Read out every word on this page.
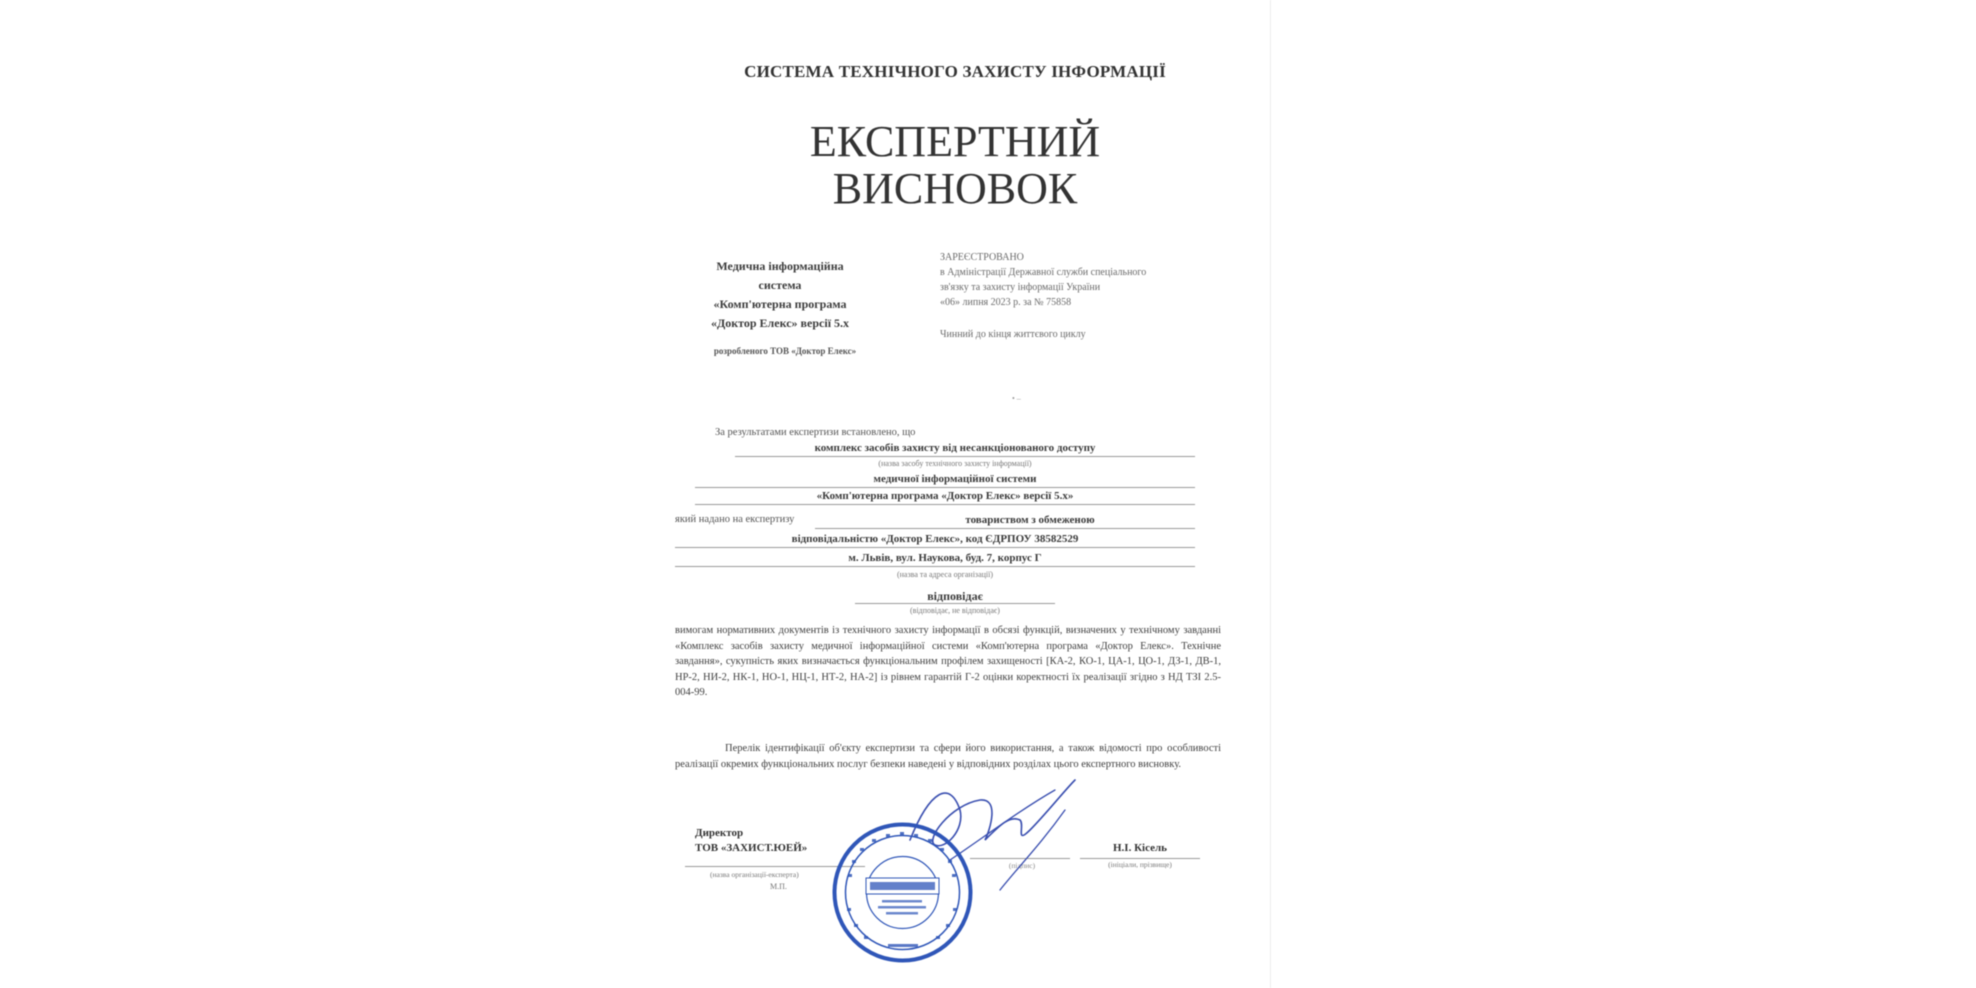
СИСТЕМА ТЕХНІЧНОГО ЗАХИСТУ ІНФОРМАЦІЇ

ЕКСПЕРТНИЙ
ВИСНОВОК
Медична інформаційна
система
«Комп'ютерна програма
«Доктор Елекс» версії 5.х

розробленого ТОВ «Доктор Елекс»

ЗАРЕЄСТРОВАНО
в Адміністрації Державної служби спеціального
зв'язку та захисту інформації України
«06» липня 2023 р. за № 75858

Чинний до кінця життєвого циклу

• –

За результатами експертизи встановлено, що

комплекс засобів захисту від несанкціонованого доступу
(назва засобу технічного захисту інформації)
медичної інформаційної системи
«Комп'ютерна програма «Доктор Елекс» версії 5.х»
який надано на експертизу	товариством з обмеженою
відповідальністю «Доктор Елекс», код ЄДРПОУ 38582529
м. Львів, вул. Наукова, буд. 7, корпус Г
(назва та адреса організації)
відповідає
(відповідає, не відповідає)

вимогам нормативних документів із технічного захисту інформації в обсязі функцій, визначених у технічному завданні «Комплекс засобів захисту медичної інформаційної системи «Комп'ютерна програма «Доктор Елекс». Технічне завдання», сукупність яких визначається функціональним профілем захищеності [КА-2, КО-1, ЦА-1, ЦО-1, ДЗ-1, ДВ-1, НР-2, НИ-2, НК-1, НО-1, НЦ-1, НТ-2, НА-2] із рівнем гарантій Г-2 оцінки коректності їх реалізації згідно з НД ТЗІ 2.5-004-99.

Перелік ідентифікації об'єкту експертизи та сфери його використання, а також відомості про особливості реалізації окремих функціональних послуг безпеки наведені у відповідних розділах цього експертного висновку.

Директор
ТОВ «ЗАХИСТ.ЮЕЙ»

(назва організації-експерта)

М.П.

(підпис)

Н.І. Кісель

(ініціали, прізвище)
